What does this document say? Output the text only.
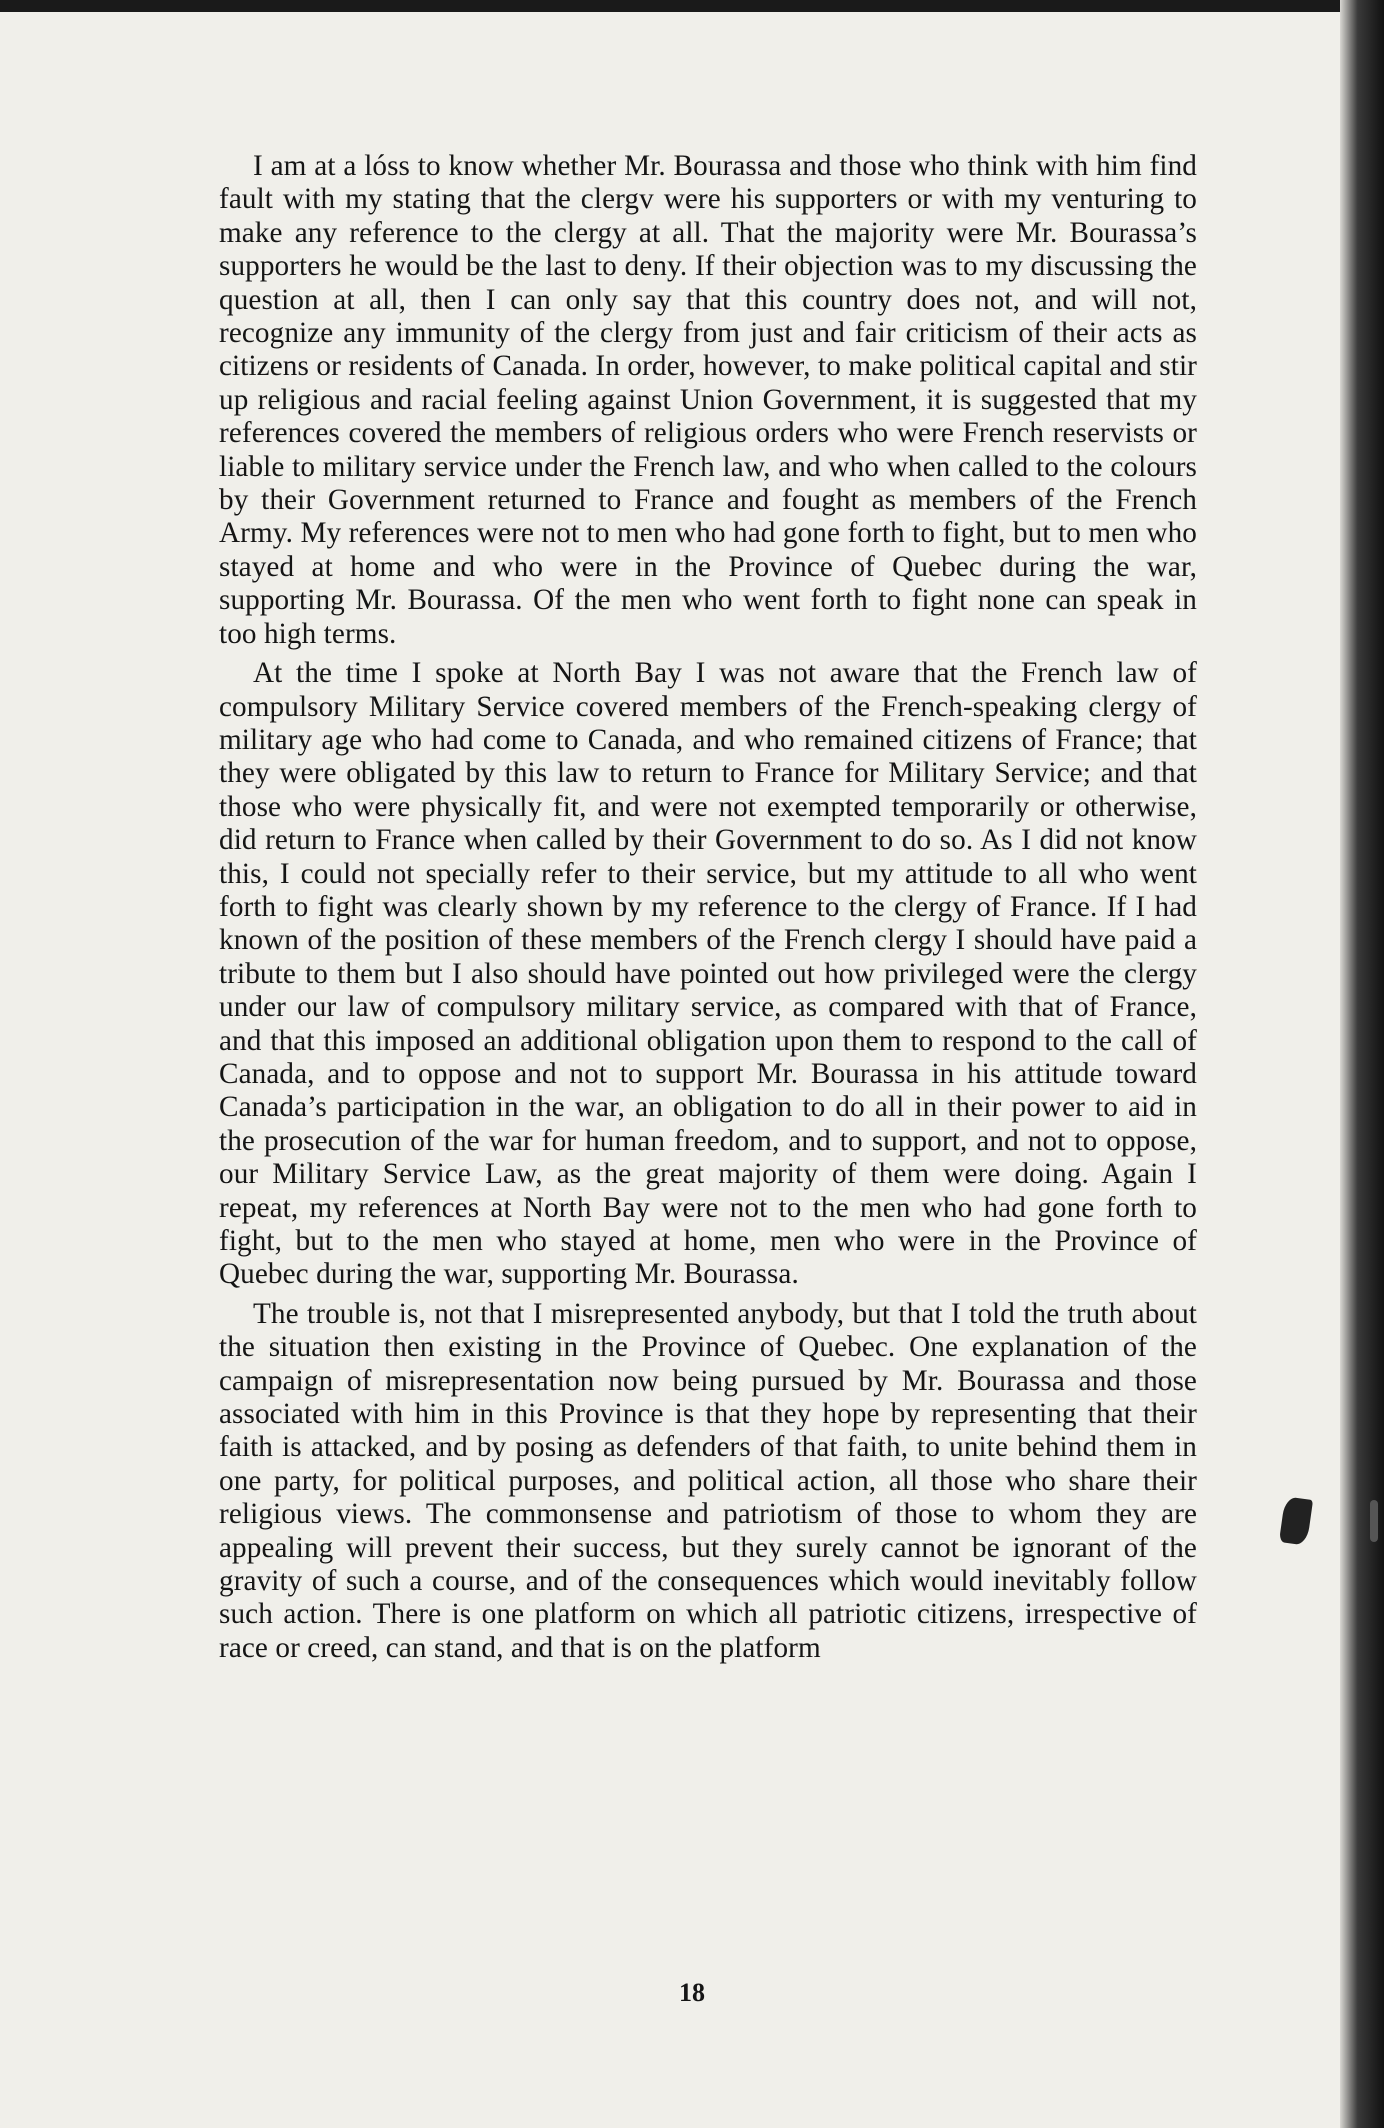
I am at a lóss to know whether Mr. Bourassa and those who think with him find fault with my stating that the clergv were his supporters or with my venturing to make any reference to the clergy at all. That the majority were Mr. Bourassa’s supporters he would be the last to deny. If their objection was to my discussing the question at all, then I can only say that this country does not, and will not, recognize any immunity of the clergy from just and fair criticism of their acts as citizens or residents of Canada. In order, however, to make political capital and stir up religious and racial feeling against Union Government, it is suggested that my references covered the members of religious orders who were French reservists or liable to military service under the French law, and who when called to the colours by their Government returned to France and fought as members of the French Army. My references were not to men who had gone forth to fight, but to men who stayed at home and who were in the Province of Quebec during the war, supporting Mr. Bourassa. Of the men who went forth to fight none can speak in too high terms.

At the time I spoke at North Bay I was not aware that the French law of compulsory Military Service covered members of the French-speaking clergy of military age who had come to Canada, and who remained citizens of France; that they were obligated by this law to return to France for Military Service; and that those who were physically fit, and were not exempted temporarily or otherwise, did return to France when called by their Government to do so. As I did not know this, I could not specially refer to their service, but my attitude to all who went forth to fight was clearly shown by my reference to the clergy of France. If I had known of the position of these members of the French clergy I should have paid a tribute to them but I also should have pointed out how privileged were the clergy under our law of compulsory military service, as compared with that of France, and that this imposed an additional obligation upon them to respond to the call of Canada, and to oppose and not to support Mr. Bourassa in his attitude toward Canada’s participation in the war, an obligation to do all in their power to aid in the prosecution of the war for human freedom, and to support, and not to oppose, our Military Service Law, as the great majority of them were doing. Again I repeat, my references at North Bay were not to the men who had gone forth to fight, but to the men who stayed at home, men who were in the Province of Quebec during the war, supporting Mr. Bourassa.

The trouble is, not that I misrepresented anybody, but that I told the truth about the situation then existing in the Province of Quebec. One explanation of the campaign of misrepresentation now being pursued by Mr. Bourassa and those associated with him in this Province is that they hope by representing that their faith is attacked, and by posing as defenders of that faith, to unite behind them in one party, for political purposes, and political action, all those who share their religious views. The commonsense and patriotism of those to whom they are appealing will prevent their success, but they surely cannot be ignorant of the gravity of such a course, and of the consequences which would inevitably follow such action. There is one platform on which all patriotic citizens, irrespective of race or creed, can stand, and that is on the platform

18
